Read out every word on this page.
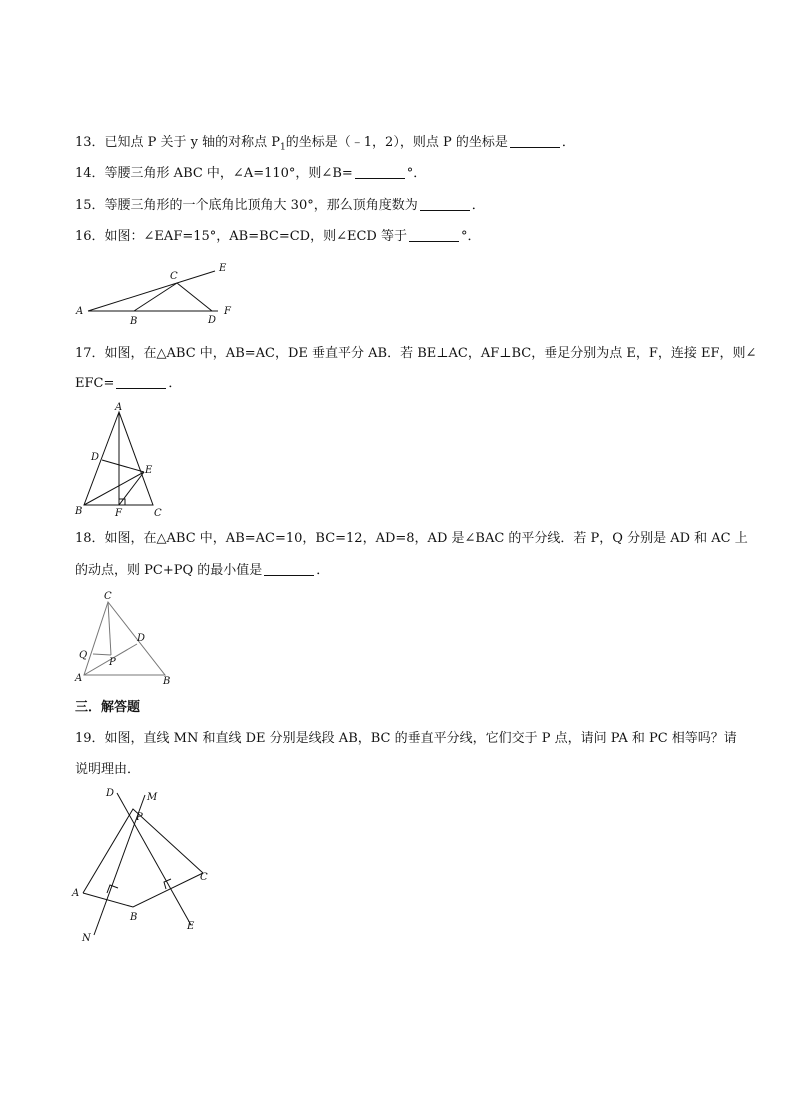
13．已知点 P 关于 y 轴的对称点 $P_1$的坐标是（﹣1，2），则点 P 的坐标是	．
14．等腰三角形 ABC 中，∠A=110°，则∠B=	°．
15．等腰三角形的一个底角比顶角大 30°，那么顶角度数为	．
16．如图：∠EAF=15°，AB=BC=CD，则∠ECD 等于	°．
A
B
C
D
E
F
17．如图，在△ABC 中，AB=AC，DE 垂直平分 AB．若 BE⊥AC，AF⊥BC，垂足分别为点 E，F，连接 EF，则∠
EFC=	．
A
D
E
B	F	C
18．如图，在△ABC 中，AB=AC=10，BC=12，AD=8，AD 是∠BAC 的平分线．若 P，Q 分别是 AD 和 AC 上
的动点，则 PC+PQ 的最小值是	．
C
D
Q
P
A	B
三．解答题
19．如图，直线 MN 和直线 DE 分别是线段 AB，BC 的垂直平分线，它们交于 P 点，请问 PA 和 PC 相等吗？请
说明理由．
D	M
P
A
B
C
N
E
